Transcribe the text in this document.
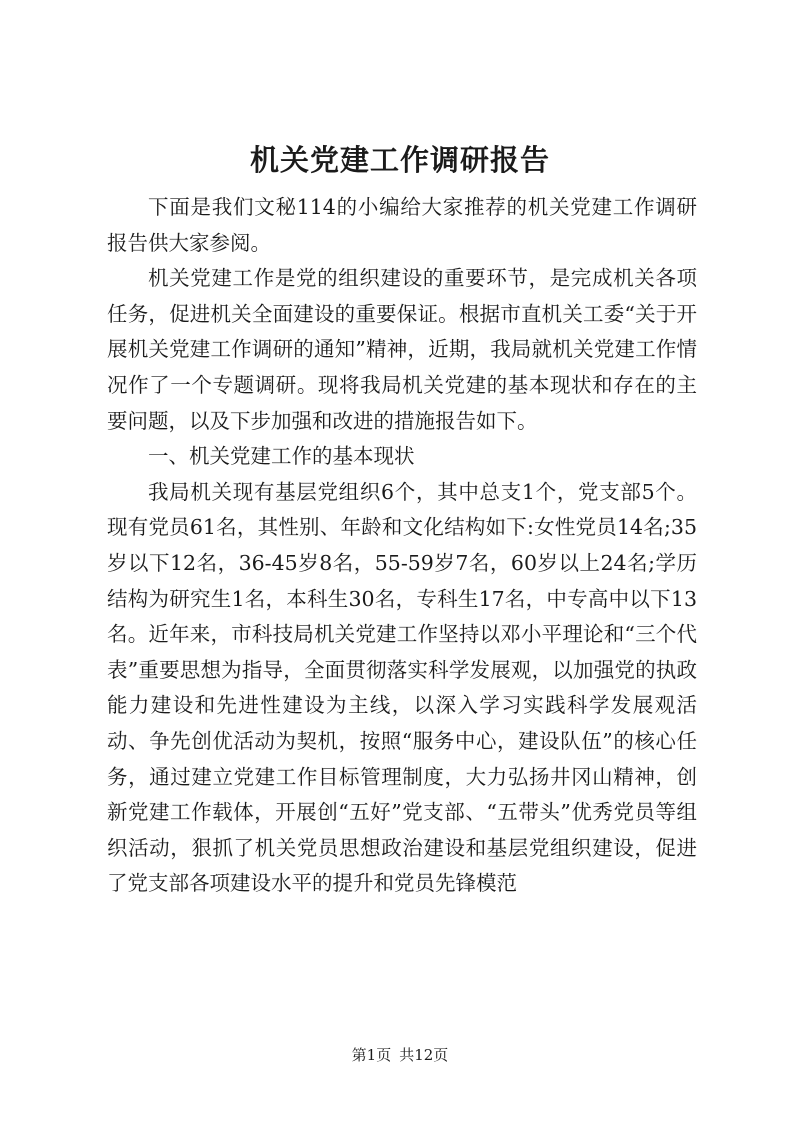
机关党建工作调研报告

下面是我们文秘114的小编给大家推荐的机关党建工作调研报告供大家参阅。

机关党建工作是党的组织建设的重要环节，是完成机关各项任务，促进机关全面建设的重要保证。根据市直机关工委“关于开展机关党建工作调研的通知”精神，近期，我局就机关党建工作情况作了一个专题调研。现将我局机关党建的基本现状和存在的主要问题，以及下步加强和改进的措施报告如下。

一、机关党建工作的基本现状

我局机关现有基层党组织6个，其中总支1个，党支部5个。现有党员61名，其性别、年龄和文化结构如下:女性党员14名;35岁以下12名，36-45岁8名，55-59岁7名，60岁以上24名;学历结构为研究生1名，本科生30名，专科生17名，中专高中以下13名。近年来，市科技局机关党建工作坚持以邓小平理论和“三个代表”重要思想为指导，全面贯彻落实科学发展观，以加强党的执政能力建设和先进性建设为主线，以深入学习实践科学发展观活动、争先创优活动为契机，按照“服务中心，建设队伍”的核心任务，通过建立党建工作目标管理制度，大力弘扬井冈山精神，创新党建工作载体，开展创“五好”党支部、“五带头”优秀党员等组织活动，狠抓了机关党员思想政治建设和基层党组织建设，促进了党支部各项建设水平的提升和党员先锋模范

第1页 共12页
